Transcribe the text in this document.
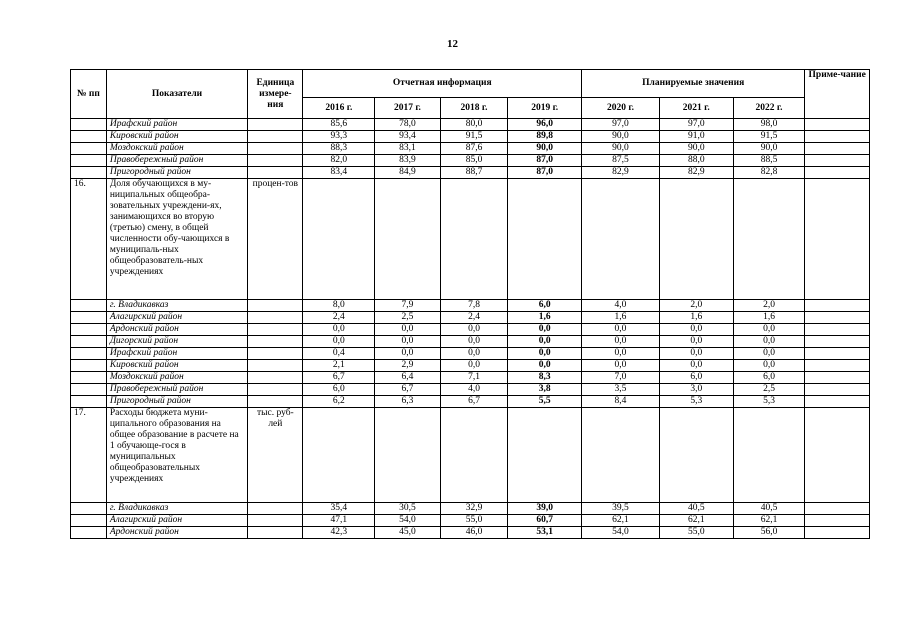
12
№ пп	Показатели	Единица измере-ния	Отчетная информация				Планируемые значения			Приме-чание
			2016 г.	2017 г.	2018 г.	2019 г.	2020 г.	2021 г.	2022 г.	
	Ирафский район		85,6	78,0	80,0	96,0	97,0	97,0	98,0	
	Кировский район		93,3	93,4	91,5	89,8	90,0	91,0	91,5	
	Моздокский район		88,3	83,1	87,6	90,0	90,0	90,0	90,0	
	Правобережный район		82,0	83,9	85,0	87,0	87,5	88,0	88,5	
	Пригородный район		83,4	84,9	88,7	87,0	82,9	82,9	82,8	
16.	Доля обучающихся в му-ниципальных общеобра-зовательных учреждени-ях, занимающихся во вторую (третью) смену, в общей численности обу-чающихся в муниципаль-ных общеобразователь-ных учреждениях	процен-тов								
	г. Владикавказ		8,0	7,9	7,8	6,0	4,0	2,0	2,0	
	Алагирский район		2,4	2,5	2,4	1,6	1,6	1,6	1,6	
	Ардонский район		0,0	0,0	0,0	0,0	0,0	0,0	0,0	
	Дигорский район		0,0	0,0	0,0	0,0	0,0	0,0	0,0	
	Ирафский район		0,4	0,0	0,0	0,0	0,0	0,0	0,0	
	Кировский район		2,1	2,9	0,0	0,0	0,0	0,0	0,0	
	Моздокский район		6,7	6,4	7,1	8,3	7,0	6,0	6,0	
	Правобережный район		6,0	6,7	4,0	3,8	3,5	3,0	2,5	
	Пригородный район		6,2	6,3	6,7	5,5	8,4	5,3	5,3	
17.	Расходы бюджета муни-ципального образования на общее образование в расчете на 1 обучающе-гося в муниципальных общеобразовательных учреждениях	тыс. руб-лей								
	г. Владикавказ		35,4	30,5	32,9	39,0	39,5	40,5	40,5	
	Алагирский район		47,1	54,0	55,0	60,7	62,1	62,1	62,1	
	Ардонский район		42,3	45,0	46,0	53,1	54,0	55,0	56,0	
